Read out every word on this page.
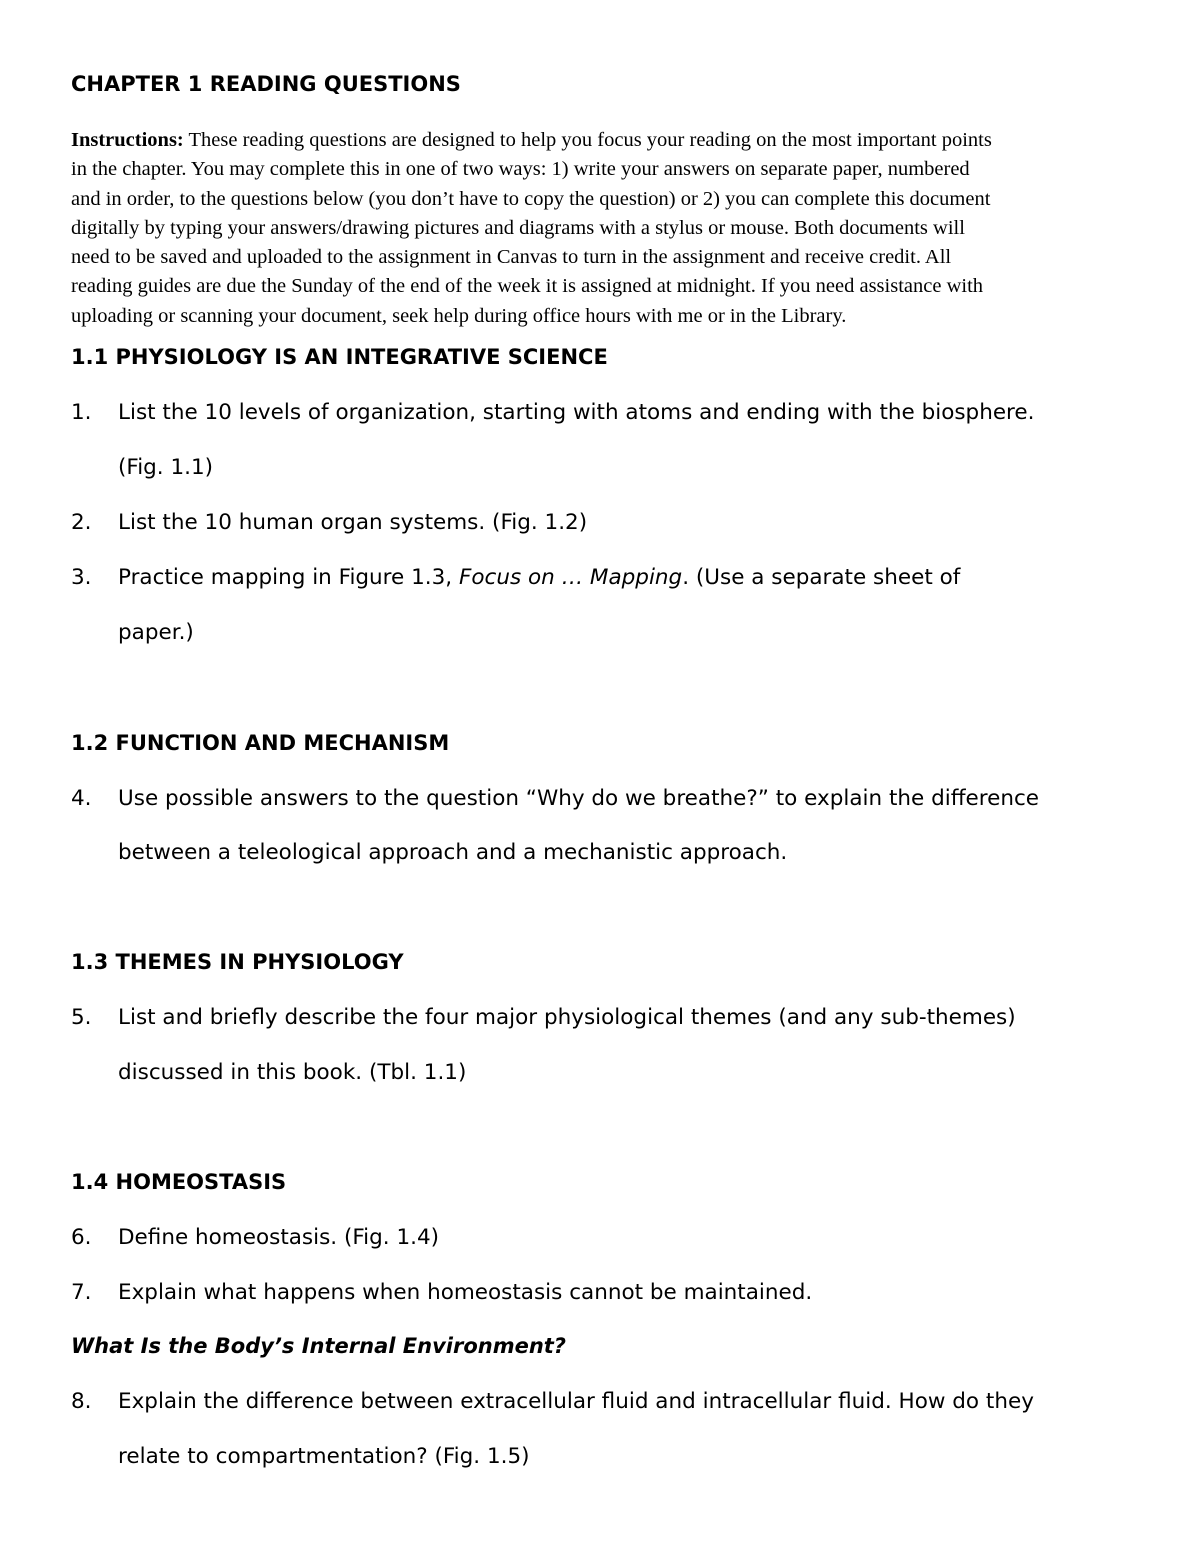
CHAPTER 1 READING QUESTIONS
Instructions: These reading questions are designed to help you focus your reading on the most important points
in the chapter. You may complete this in one of two ways: 1) write your answers on separate paper, numbered
and in order, to the questions below (you don’t have to copy the question) or 2) you can complete this document
digitally by typing your answers/drawing pictures and diagrams with a stylus or mouse. Both documents will
need to be saved and uploaded to the assignment in Canvas to turn in the assignment and receive credit. All
reading guides are due the Sunday of the end of the week it is assigned at midnight. If you need assistance with
uploading or scanning your document, seek help during office hours with me or in the Library.
1.1 PHYSIOLOGY IS AN INTEGRATIVE SCIENCE
1. List the 10 levels of organization, starting with atoms and ending with the biosphere.
(Fig. 1.1)
2. List the 10 human organ systems. (Fig. 1.2)
3. Practice mapping in Figure 1.3, Focus on … Mapping. (Use a separate sheet of
paper.)
1.2 FUNCTION AND MECHANISM
4. Use possible answers to the question “Why do we breathe?” to explain the difference
between a teleological approach and a mechanistic approach.
1.3 THEMES IN PHYSIOLOGY
5. List and briefly describe the four major physiological themes (and any sub-themes)
discussed in this book. (Tbl. 1.1)
1.4 HOMEOSTASIS
6. Define homeostasis. (Fig. 1.4)
7. Explain what happens when homeostasis cannot be maintained.
What Is the Body’s Internal Environment?
8. Explain the difference between extracellular fluid and intracellular fluid. How do they
relate to compartmentation? (Fig. 1.5)
